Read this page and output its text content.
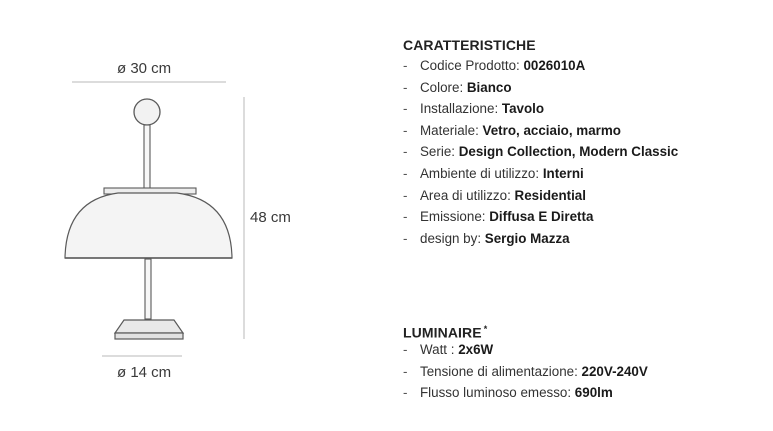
ø 30 cm
48 cm
ø 14 cm
CARATTERISTICHE
- Codice Prodotto: 0026010A
- Colore: Bianco
- Installazione: Tavolo
- Materiale: Vetro, acciaio, marmo
- Serie: Design Collection, Modern Classic
- Ambiente di utilizzo: Interni
- Area di utilizzo: Residential
- Emissione: Diffusa E Diretta
- design by: Sergio Mazza
LUMINAIRE *
- Watt : 2x6W
- Tensione di alimentazione: 220V-240V
- Flusso luminoso emesso: 690lm
